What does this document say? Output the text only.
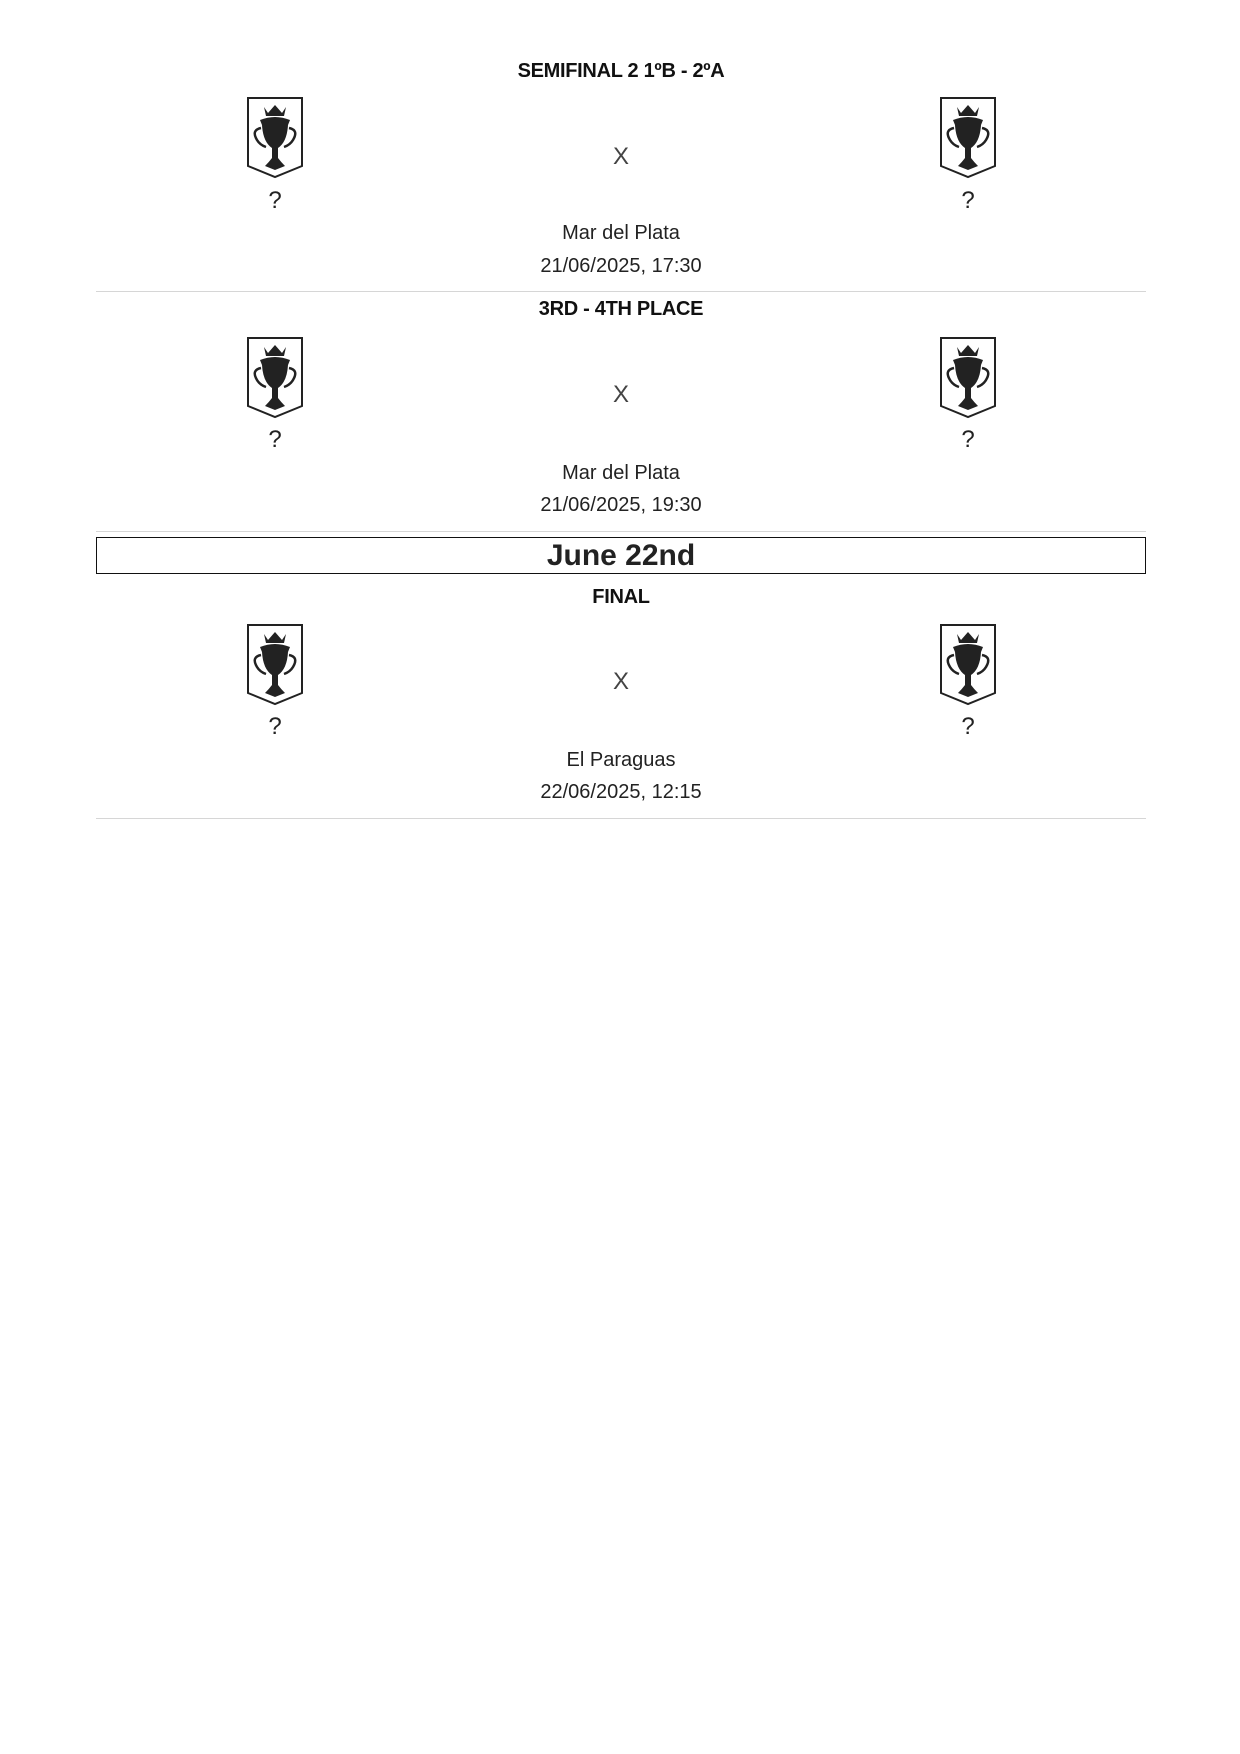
SEMIFINAL 2 1ºB - 2ºA
X
?	?
Mar del Plata
21/06/2025, 17:30
3RD - 4TH PLACE
X
?	?
Mar del Plata
21/06/2025, 19:30
June 22nd
FINAL
X
?	?
El Paraguas
22/06/2025, 12:15
